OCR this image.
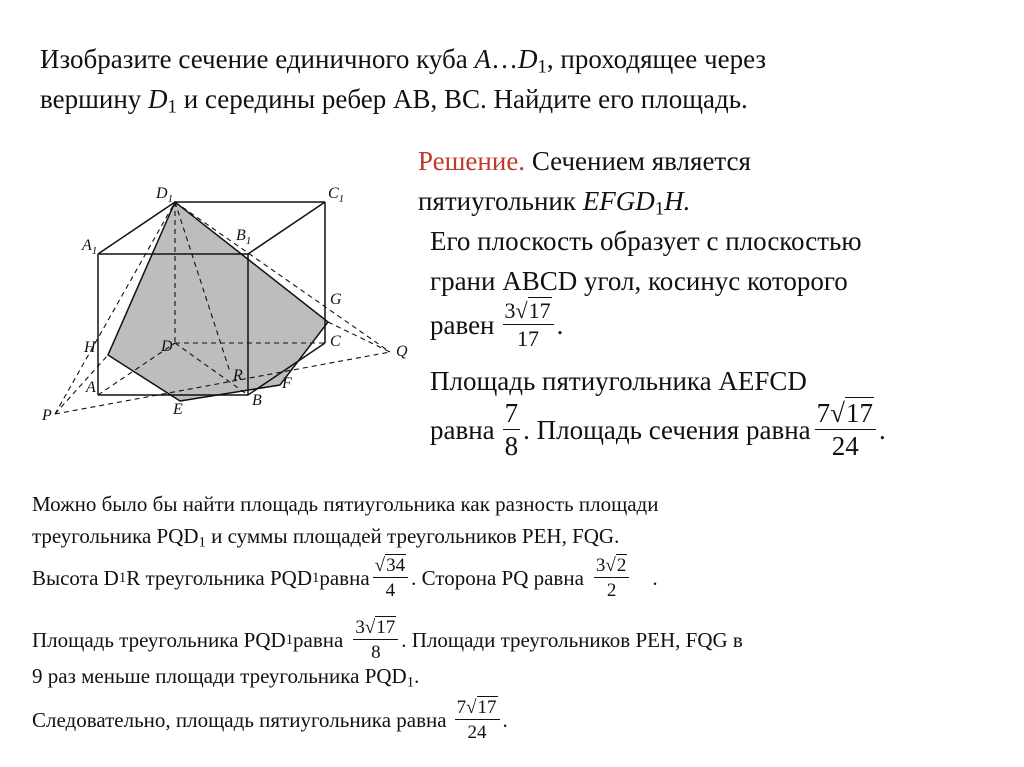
Изобразите сечение единичного куба $A\dots D_1$, проходящее через
вершину $D_1$ и середины ребер AB, BC. Найдите его площадь.
$D_1$	$C_1$
$A_1$
$B_1$
H	D	C
A
B
E
F
G
R
P
Q
Решение. Сечением является
пятиугольник $EFGD_1H$.
Его плоскость образует с плоскостью
грани ABCD угол, косинус которого
равен $\frac{3√17}{17}$ .
Площадь пятиугольника AEFCD
равна $\frac{7}{8}$ . Площадь сечения равна $\frac{7√17}{24}$ .
Можно было бы найти площадь пятиугольника как разность площади
треугольника $PQD_1$ и суммы площадей треугольников PEH, FQG.
Высота D 1 R треугольника PQD 1 равна $\frac{√34}{4}$ . Сторона PQ равна $\frac{3√2}{2}$ .
Площадь треугольника PQD 1 равна $\frac{3√17}{8}$ . Площади треугольников PEH, FQG в
9 раз меньше площади треугольника $PQD_1$.
Следовательно, площадь пятиугольника равна $\frac{7√17}{24}$ .
